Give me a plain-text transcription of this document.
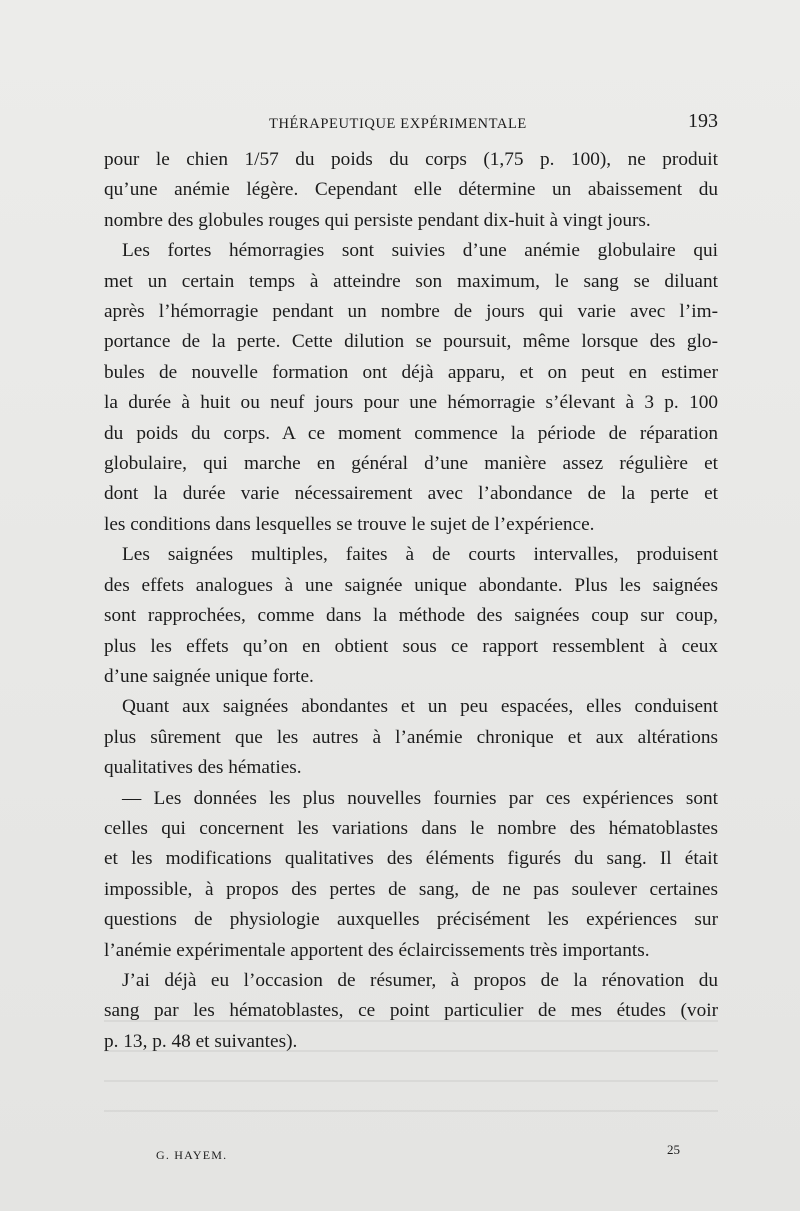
THÉRAPEUTIQUE EXPÉRIMENTALE	193
pour le chien 1/57 du poids du corps (1,75 p. 100), ne produit
qu’une anémie légère. Cependant elle détermine un abaissement du
nombre des globules rouges qui persiste pendant dix-huit à vingt jours.
Les fortes hémorragies sont suivies d’une anémie globulaire qui
met un certain temps à atteindre son maximum, le sang se diluant
après l’hémorragie pendant un nombre de jours qui varie avec l’im-
portance de la perte. Cette dilution se poursuit, même lorsque des glo-
bules de nouvelle formation ont déjà apparu, et on peut en estimer
la durée à huit ou neuf jours pour une hémorragie s’élevant à 3 p. 100
du poids du corps. A ce moment commence la période de réparation
globulaire, qui marche en général d’une manière assez régulière et
dont la durée varie nécessairement avec l’abondance de la perte et
les conditions dans lesquelles se trouve le sujet de l’expérience.
Les saignées multiples, faites à de courts intervalles, produisent
des effets analogues à une saignée unique abondante. Plus les saignées
sont rapprochées, comme dans la méthode des saignées coup sur coup,
plus les effets qu’on en obtient sous ce rapport ressemblent à ceux
d’une saignée unique forte.
Quant aux saignées abondantes et un peu espacées, elles conduisent
plus sûrement que les autres à l’anémie chronique et aux altérations
qualitatives des hématies.
— Les données les plus nouvelles fournies par ces expériences sont
celles qui concernent les variations dans le nombre des hématoblastes
et les modifications qualitatives des éléments figurés du sang. Il était
impossible, à propos des pertes de sang, de ne pas soulever certaines
questions de physiologie auxquelles précisément les expériences sur
l’anémie expérimentale apportent des éclaircissements très importants.
J’ai déjà eu l’occasion de résumer, à propos de la rénovation du
sang par les hématoblastes, ce point particulier de mes études (voir
p. 13, p. 48 et suivantes).
G. HAYEM.	25
